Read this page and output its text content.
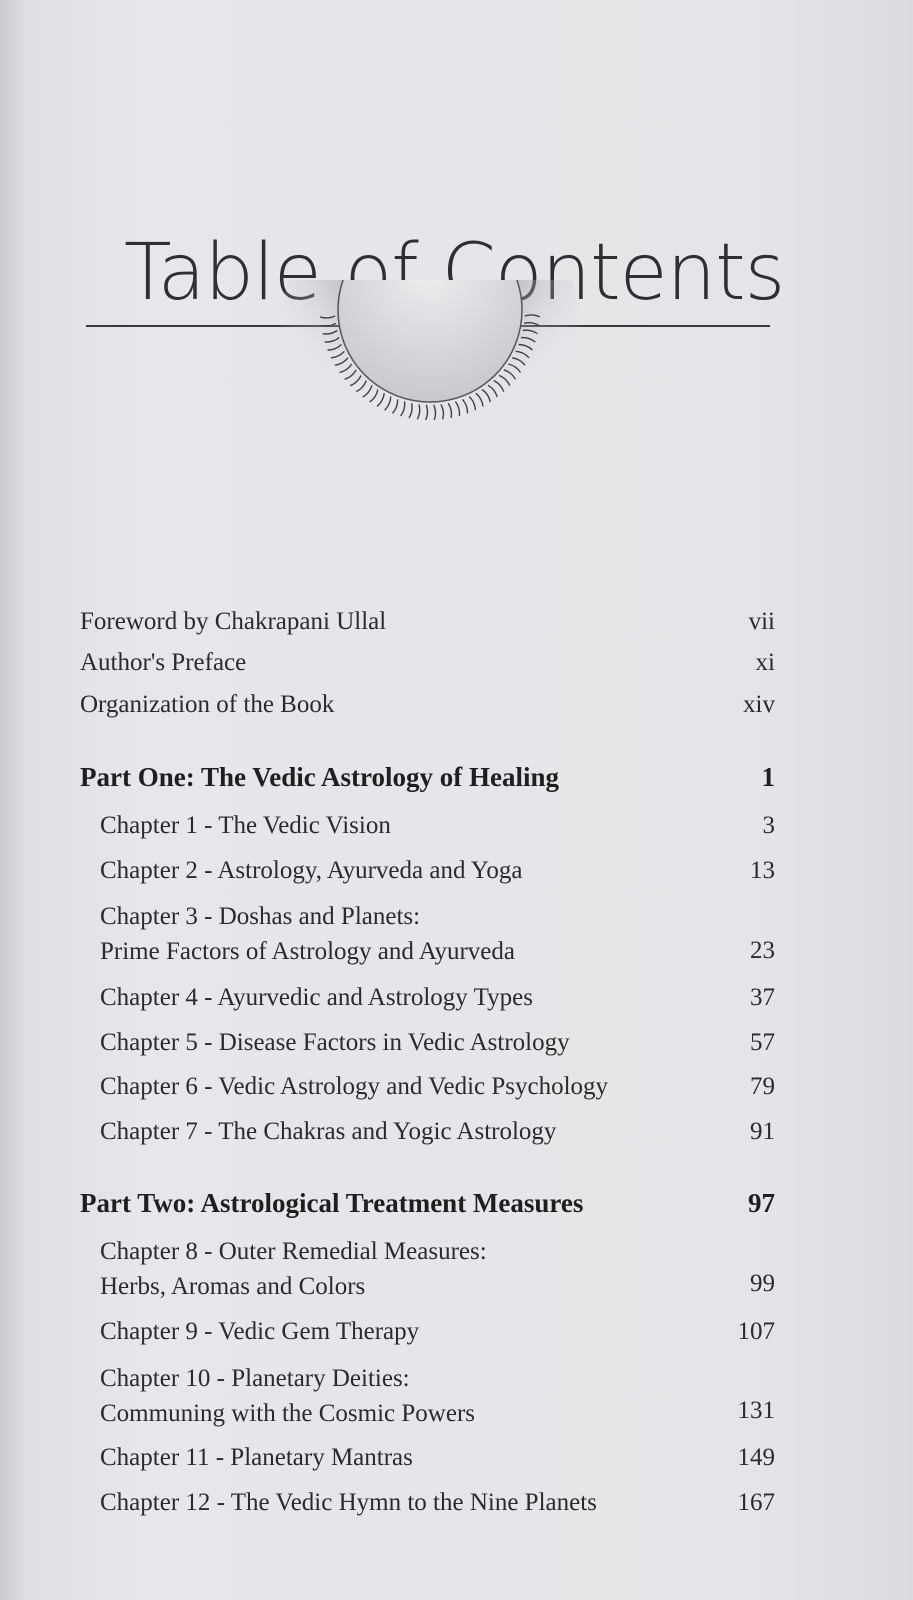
Table of Contents
Foreword by Chakrapani Ullal	vii
Author's Preface	xi
Organization of the Book	xiv
Part One: The Vedic Astrology of Healing	1
Chapter 1 - The Vedic Vision	3
Chapter 2 - Astrology, Ayurveda and Yoga	13
Chapter 3 - Doshas and Planets:
Prime Factors of Astrology and Ayurveda	23
Chapter 4 - Ayurvedic and Astrology Types	37
Chapter 5 - Disease Factors in Vedic Astrology	57
Chapter 6 - Vedic Astrology and Vedic Psychology	79
Chapter 7 - The Chakras and Yogic Astrology	91
Part Two: Astrological Treatment Measures	97
Chapter 8 - Outer Remedial Measures:
Herbs, Aromas and Colors	99
Chapter 9 - Vedic Gem Therapy	107
Chapter 10 - Planetary Deities:
Communing with the Cosmic Powers	131
Chapter 11 - Planetary Mantras	149
Chapter 12 - The Vedic Hymn to the Nine Planets	167
